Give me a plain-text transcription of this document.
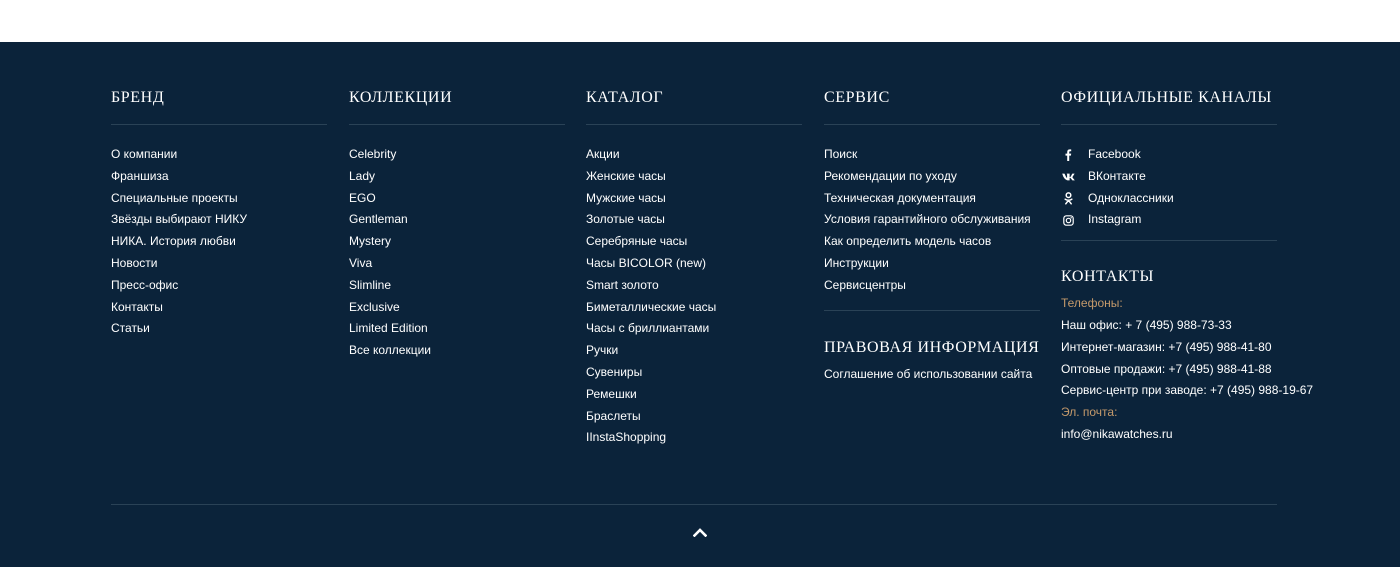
БРЕНД
О компании
Франшиза
Специальные проекты
Звёзды выбирают НИКУ
НИКА. История любви
Новости
Пресс-офис
Контакты
Статьи
КОЛЛЕКЦИИ
Celebrity
Lady
EGO
Gentleman
Mystery
Viva
Slimline
Exclusive
Limited Edition
Все коллекции
КАТАЛОГ
Акции
Женские часы
Мужские часы
Золотые часы
Серебряные часы
Часы BICOLOR (new)
Smart золото
Биметаллические часы
Часы с бриллиантами
Ручки
Сувениры
Ремешки
Браслеты
IInstaShopping
СЕРВИС
Поиск
Рекомендации по уходу
Техническая документация
Условия гарантийного обслуживания
Как определить модель часов
Инструкции
Сервисцентры
ПРАВОВАЯ ИНФОРМАЦИЯ
Соглашение об использовании сайта
ОФИЦИАЛЬНЫЕ КАНАЛЫ
Facebook
ВКонтакте
Одноклассники
Instagram
КОНТАКТЫ
Телефоны:
Наш офис: + 7 (495) 988-73-33
Интернет-магазин: +7 (495) 988-41-80
Оптовые продажи: +7 (495) 988-41-88
Сервис-центр при заводе: +7 (495) 988-19-67
Эл. почта:
info@nikawatches.ru
